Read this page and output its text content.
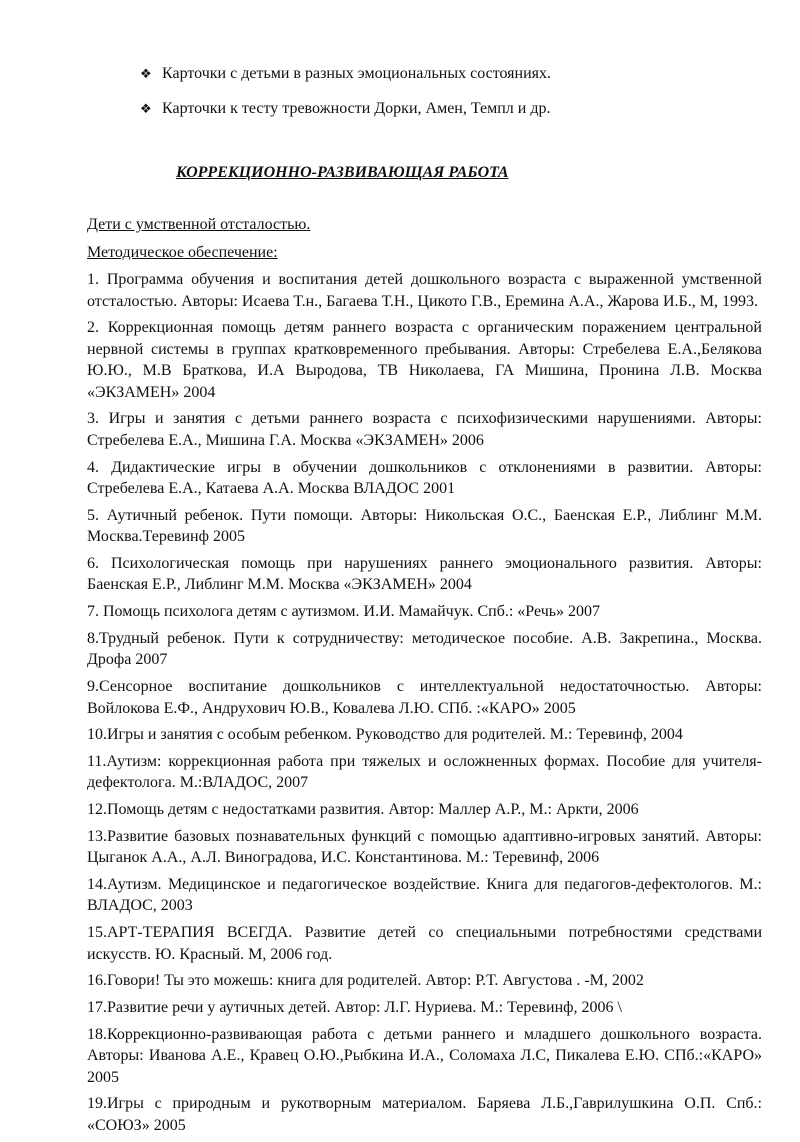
❖ Карточки с детьми в разных эмоциональных состояниях.
❖ Карточки к тесту тревожности Дорки, Амен, Темпл и др.
КОРРЕКЦИОННО-РАЗВИВАЮЩАЯ РАБОТА
Дети с умственной отсталостью.
Методическое обеспечение:
1. Программа обучения и воспитания детей дошкольного возраста с выраженной умственной отсталостью. Авторы: Исаева Т.н., Багаева Т.Н., Цикото Г.В., Еремина А.А., Жарова И.Б., М, 1993.
2. Коррекционная помощь детям раннего возраста с органическим поражением центральной нервной системы в группах кратковременного пребывания. Авторы: Стребелева Е.А.,Белякова Ю.Ю., М.В Браткова, И.А Выродова, ТВ Николаева, ГА Мишина, Пронина Л.В. Москва «ЭКЗАМЕН» 2004
3. Игры и занятия с детьми раннего возраста с психофизическими нарушениями. Авторы: Стребелева Е.А., Мишина Г.А. Москва «ЭКЗАМЕН» 2006
4. Дидактические игры в обучении дошкольников с отклонениями в развитии. Авторы: Стребелева Е.А., Катаева А.А. Москва ВЛАДОС 2001
5. Аутичный ребенок. Пути помощи. Авторы: Никольская О.С., Баенская Е.Р., Либлинг М.М. Москва.Теревинф 2005
6. Психологическая помощь при нарушениях раннего эмоционального развития. Авторы: Баенская Е.Р., Либлинг М.М. Москва «ЭКЗАМЕН» 2004
7. Помощь психолога детям с аутизмом. И.И. Мамайчук. Спб.: «Речь» 2007
8.Трудный ребенок. Пути к сотрудничеству: методическое пособие. А.В. Закрепина., Москва. Дрофа 2007
9.Сенсорное воспитание дошкольников с интеллектуальной недостаточностью. Авторы: Войлокова Е.Ф., Андрухович Ю.В., Ковалева Л.Ю. СПб. :«КАРО» 2005
10.Игры и занятия с особым ребенком. Руководство для родителей. М.: Теревинф, 2004
11.Аутизм: коррекционная работа при тяжелых и осложненных формах. Пособие для учителя-дефектолога. М.:ВЛАДОС, 2007
12.Помощь детям с недостатками развития. Автор: Маллер А.Р., М.: Аркти, 2006
13.Развитие базовых познавательных функций с помощью адаптивно-игровых занятий. Авторы: Цыганок А.А., А.Л. Виноградова, И.С. Константинова. М.: Теревинф, 2006
14.Аутизм. Медицинское и педагогическое воздействие. Книга для педагогов-дефектологов. М.: ВЛАДОС, 2003
15.АРТ-ТЕРАПИЯ ВСЕГДА. Развитие детей со специальными потребностями средствами искусств. Ю. Красный. М, 2006 год.
16.Говори! Ты это можешь: книга для родителей. Автор: Р.Т. Августова . -М, 2002
17.Развитие речи у аутичных детей. Автор: Л.Г. Нуриева. М.: Теревинф, 2006 \
18.Коррекционно-развивающая работа с детьми раннего и младшего дошкольного возраста. Авторы: Иванова А.Е., Кравец О.Ю.,Рыбкина И.А., Соломаха Л.С, Пикалева Е.Ю. СПб.:«КАРО» 2005
19.Игры с природным и рукотворным материалом. Баряева Л.Б.,Гаврилушкина О.П. Спб.: «СОЮЗ» 2005
